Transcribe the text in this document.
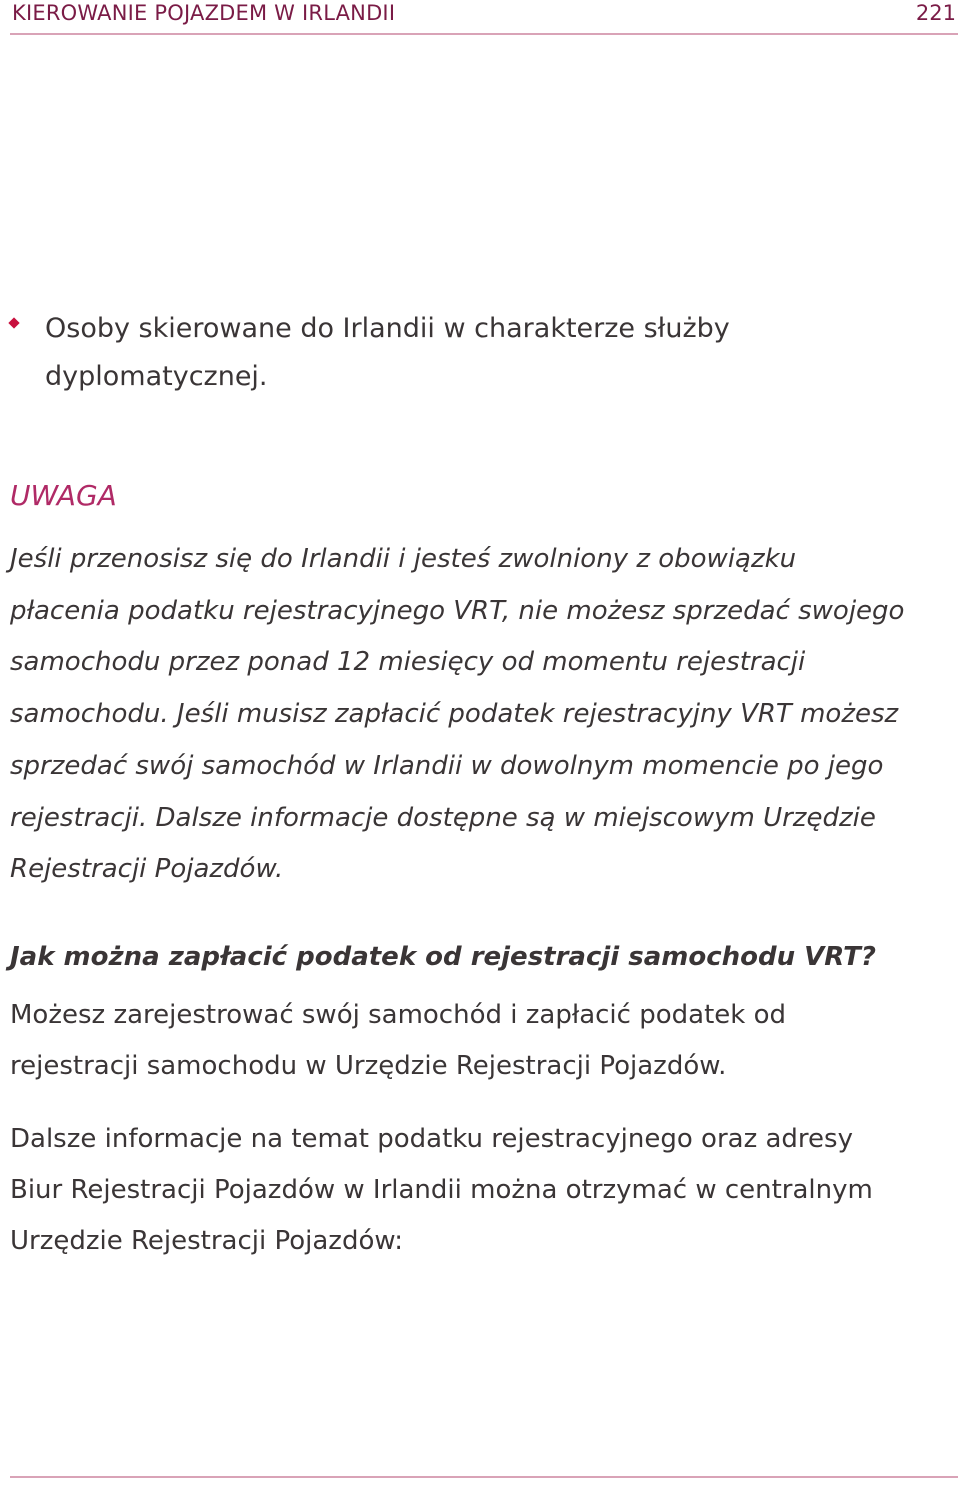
KIEROWANIE POJAZDEM W IRLANDII	221
Osoby skierowane do Irlandii w charakterze służby
dyplomatycznej.
UWAGA
Jeśli przenosisz się do Irlandii i jesteś zwolniony z obowiązku
płacenia podatku rejestracyjnego VRT, nie możesz sprzedać swojego
samochodu przez ponad 12 miesięcy od momentu rejestracji
samochodu. Jeśli musisz zapłacić podatek rejestracyjny VRT możesz
sprzedać swój samochód w Irlandii w dowolnym momencie po jego
rejestracji. Dalsze informacje dostępne są w miejscowym Urzędzie
Rejestracji Pojazdów.
Jak można zapłacić podatek od rejestracji samochodu VRT?
Możesz zarejestrować swój samochód i zapłacić podatek od
rejestracji samochodu w Urzędzie Rejestracji Pojazdów.
Dalsze informacje na temat podatku rejestracyjnego oraz adresy
Biur Rejestracji Pojazdów w Irlandii można otrzymać w centralnym
Urzędzie Rejestracji Pojazdów:
